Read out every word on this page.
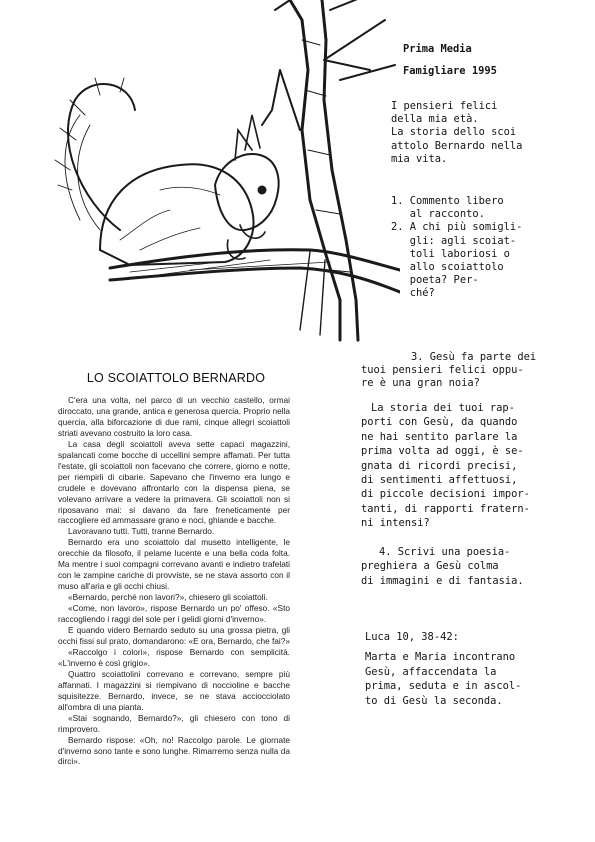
Prima Media

Famigliare 1995

I pensieri felici

della mia età.

La storia dello scoi

attolo Bernardo nella

mia vita.

1. Commento libero

al racconto.

2. A chi più somigli-

gli: agli scoiat-

toli laboriosi o

allo scoiattolo

poeta? Per-

ché?

3. Gesù fa parte dei

tuoi pensieri felici oppu-

re è una gran noia?

La storia dei tuoi rap-

porti con Gesù, da quando

ne hai sentito parlare la

prima volta ad oggi, è se-

gnata di ricordi precisi,

di sentimenti affettuosi,

di piccole decisioni impor-

tanti, di rapporti fratern-

ni intensi?

4. Scrivi una poesia-

preghiera a Gesù colma

di immagini e di fantasia.

Luca 10, 38-42:

Marta e Maria incontrano

Gesù, affaccendata la

prima, seduta e in ascol-

to di Gesù la seconda.

LO SCOIATTOLO BERNARDO

C'era una volta, nel parco di un vecchio castello, ormai diroccato, una grande, antica e generosa quercia. Proprio nella quercia, alla biforcazione di due rami, cinque allegri scoiattoli striati avevano costruito la loro casa.

La casa degli scoiattoli aveva sette capaci magazzini, spalancati come bocche di uccellini sempre affamati. Per tutta l'estate, gli scoiattoli non facevano che correre, giorno e notte, per riempirli di cibarie. Sapevano che l'inverno era lungo e crudele e dovevano affrontarlo con la dispensa piena, se volevano arrivare a vedere la primavera. Gli scoiattoli non si riposavano mai: si davano da fare freneticamente per raccogliere ed ammassare grano e noci, ghiande e bacche.

Lavoravano tutti. Tutti, tranne Bernardo.

Bernardo era uno scoiattolo dal musetto intelligente, le orecchie da filosofo, il pelame lucente e una bella coda folta. Ma mentre i suoi compagni correvano avanti e indietro trafelati con le zampine cariche di provviste, se ne stava assorto con il muso all'aria e gli occhi chiusi.

«Bernardo, perché non lavori?», chiesero gli scoiattoli.

«Come, non lavoro», rispose Bernardo un po' offeso. «Sto raccogliendo i raggi del sole per i gelidi giorni d'inverno».

E quando videro Bernardo seduto su una grossa pietra, gli occhi fissi sul prato, domandarono: «E ora, Bernardo, che fai?»

«Raccolgo i colori», rispose Bernardo con semplicità. «L'inverno è così grigio».

Quattro scoiattolini correvano e correvano, sempre più affannati. I magazzini si riempivano di noccioline e bacche squisitezze. Bernardo, invece, se ne stava acciocciolato all'ombra di una pianta.

«Stai sognando, Bernardo?», gli chiesero con tono di rimprovero.

Bernardo rispose: «Oh, no! Raccolgo parole. Le giornate d'inverno sono tante e sono lunghe. Rimarremo senza nulla da dirci».
